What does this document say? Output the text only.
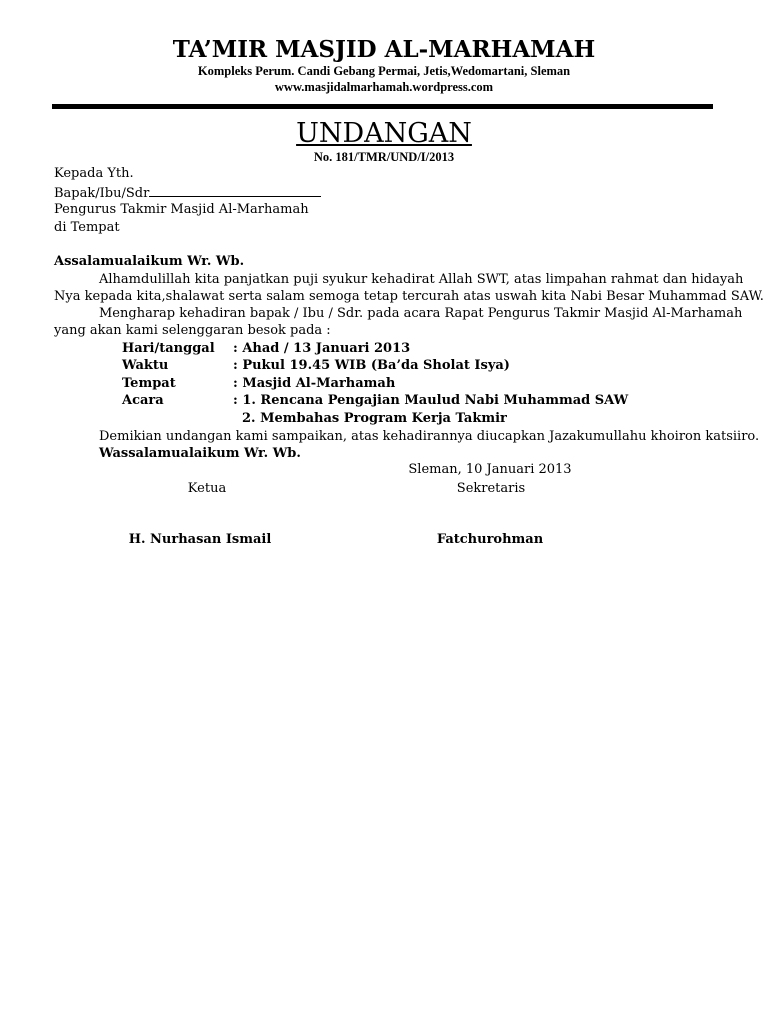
TA’MIR MASJID AL-MARHAMAH
Kompleks Perum. Candi Gebang Permai, Jetis,Wedomartani, Sleman
www.masjidalmarhamah.wordpress.com
UNDANGAN
No. 181/TMR/UND/I/2013
Kepada Yth.
Bapak/Ibu/Sdr
Pengurus Takmir Masjid Al-Marhamah
di Tempat
Assalamualaikum Wr. Wb.
Alhamdulillah kita panjatkan puji syukur kehadirat Allah SWT, atas limpahan rahmat dan hidayah
Nya kepada kita,shalawat serta salam semoga tetap tercurah atas uswah kita Nabi Besar Muhammad SAW.
Mengharap kehadiran bapak / Ibu / Sdr. pada acara Rapat Pengurus Takmir Masjid Al-Marhamah
yang akan kami selenggaran besok pada :
Hari/tanggal : Ahad / 13 Januari 2013
Waktu	: Pukul 19.45 WIB (Ba’da Sholat Isya)
Tempat	: Masjid Al-Marhamah
Acara	: 1. Rencana Pengajian Maulud Nabi Muhammad SAW
2. Membahas Program Kerja Takmir
Demikian undangan kami sampaikan, atas kehadirannya diucapkan Jazakumullahu khoiron katsiiro.
Wassalamualaikum Wr. Wb.
Sleman, 10 Januari 2013
Ketua	Sekretaris
H. Nurhasan Ismail	Fatchurohman
